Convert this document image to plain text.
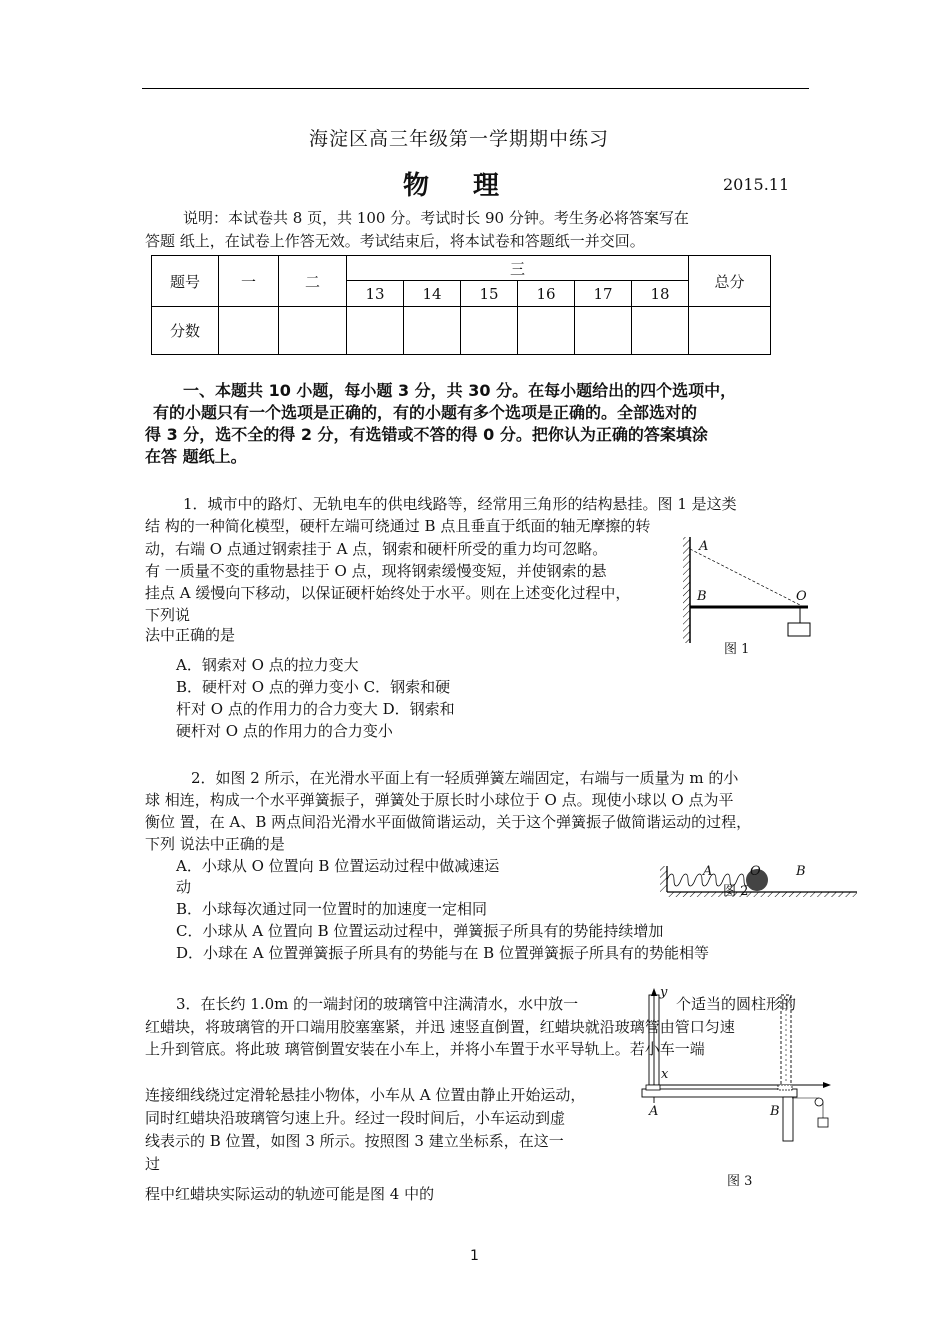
海淀区高三年级第一学期期中练习
物理	2015.11
说明：本试卷共 8 页，共 100 分。考试时长 90 分钟。考生务必将答案写在
答题 纸上，在试卷上作答无效。考试结束后，将本试卷和答题纸一并交回。
题号	一	二	三						总分
			13	14	15	16	17	18	
分数									
一、本题共 10 小题，每小题 3 分，共 30 分。在每小题给出的四个选项中，
有的小题只有一个选项是正确的，有的小题有多个选项是正确的。全部选对的
得 3 分，选不全的得 2 分，有选错或不答的得 0 分。把你认为正确的答案填涂
在答 题纸上。
1．城市中的路灯、无轨电车的供电线路等，经常用三角形的结构悬挂。图 1 是这类
结 构的一种简化模型，硬杆左端可绕通过 B 点且垂直于纸面的轴无摩擦的转
动，右端 O 点通过钢索挂于 A 点，钢索和硬杆所受的重力均可忽略。
有 一质量不变的重物悬挂于 O 点，现将钢索缓慢变短，并使钢索的悬
挂点 A 缓慢向下移动，以保证硬杆始终处于水平。则在上述变化过程中，
下列说
法中正确的是
A．钢索对 O 点的拉力变大
B．硬杆对 O 点的弹力变小 C．钢索和硬
杆对 O 点的作用力的合力变大 D．钢索和
硬杆对 O 点的作用力的合力变小
A
B	O
图 1
2．如图 2 所示，在光滑水平面上有一轻质弹簧左端固定，右端与一质量为 m 的小
球 相连，构成一个水平弹簧振子，弹簧处于原长时小球位于 O 点。现使小球以 O 点为平
衡位 置，在 A、B 两点间沿光滑水平面做简谐运动，关于这个弹簧振子做简谐运动的过程，
下列 说法中正确的是
A．小球从 O 位置向 B 位置运动过程中做减速运
动
B．小球每次通过同一位置时的加速度一定相同
C．小球从 A 位置向 B 位置运动过程中，弹簧振子所具有的势能持续增加
D．小球在 A 位置弹簧振子所具有的势能与在 B 位置弹簧振子所具有的势能相等
A	O	B
图 2
3．在长约 1.0m 的一端封闭的玻璃管中注满清水，水中放一	个适当的圆柱形的
红蜡块，将玻璃管的开口端用胶塞塞紧，并迅 速竖直倒置，红蜡块就沿玻璃管由管口匀速
上升到管底。将此玻 璃管倒置安装在小车上，并将小车置于水平导轨上。若小车一端
连接细线绕过定滑轮悬挂小物体，小车从 A 位置由静止开始运动，
同时红蜡块沿玻璃管匀速上升。经过一段时间后，小车运动到虚
线表示的 B 位置，如图 3 所示。按照图 3 建立坐标系，在这一
过
程中红蜡块实际运动的轨迹可能是图 4 中的
y
x
A	B
图 3
1
